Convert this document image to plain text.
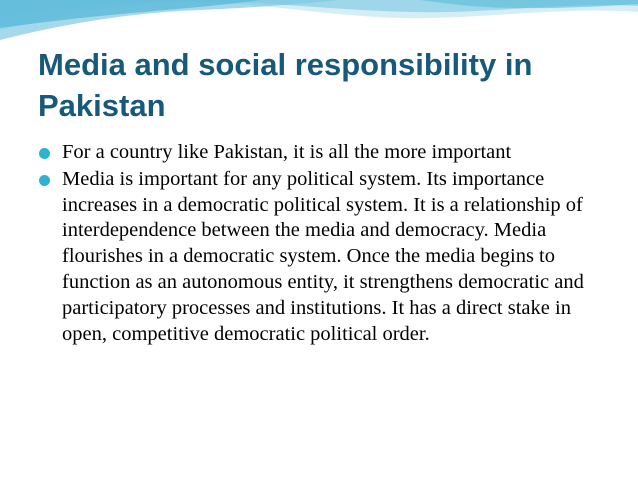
Media and social responsibility in Pakistan
For a country like Pakistan, it is all the more important
Media is important for any political system. Its importance increases in a democratic political system. It is a relationship of interdependence between the media and democracy. Media flourishes in a democratic system. Once the media begins to function as an autonomous entity, it strengthens democratic and participatory processes and institutions. It has a direct stake in open, competitive democratic political order.
